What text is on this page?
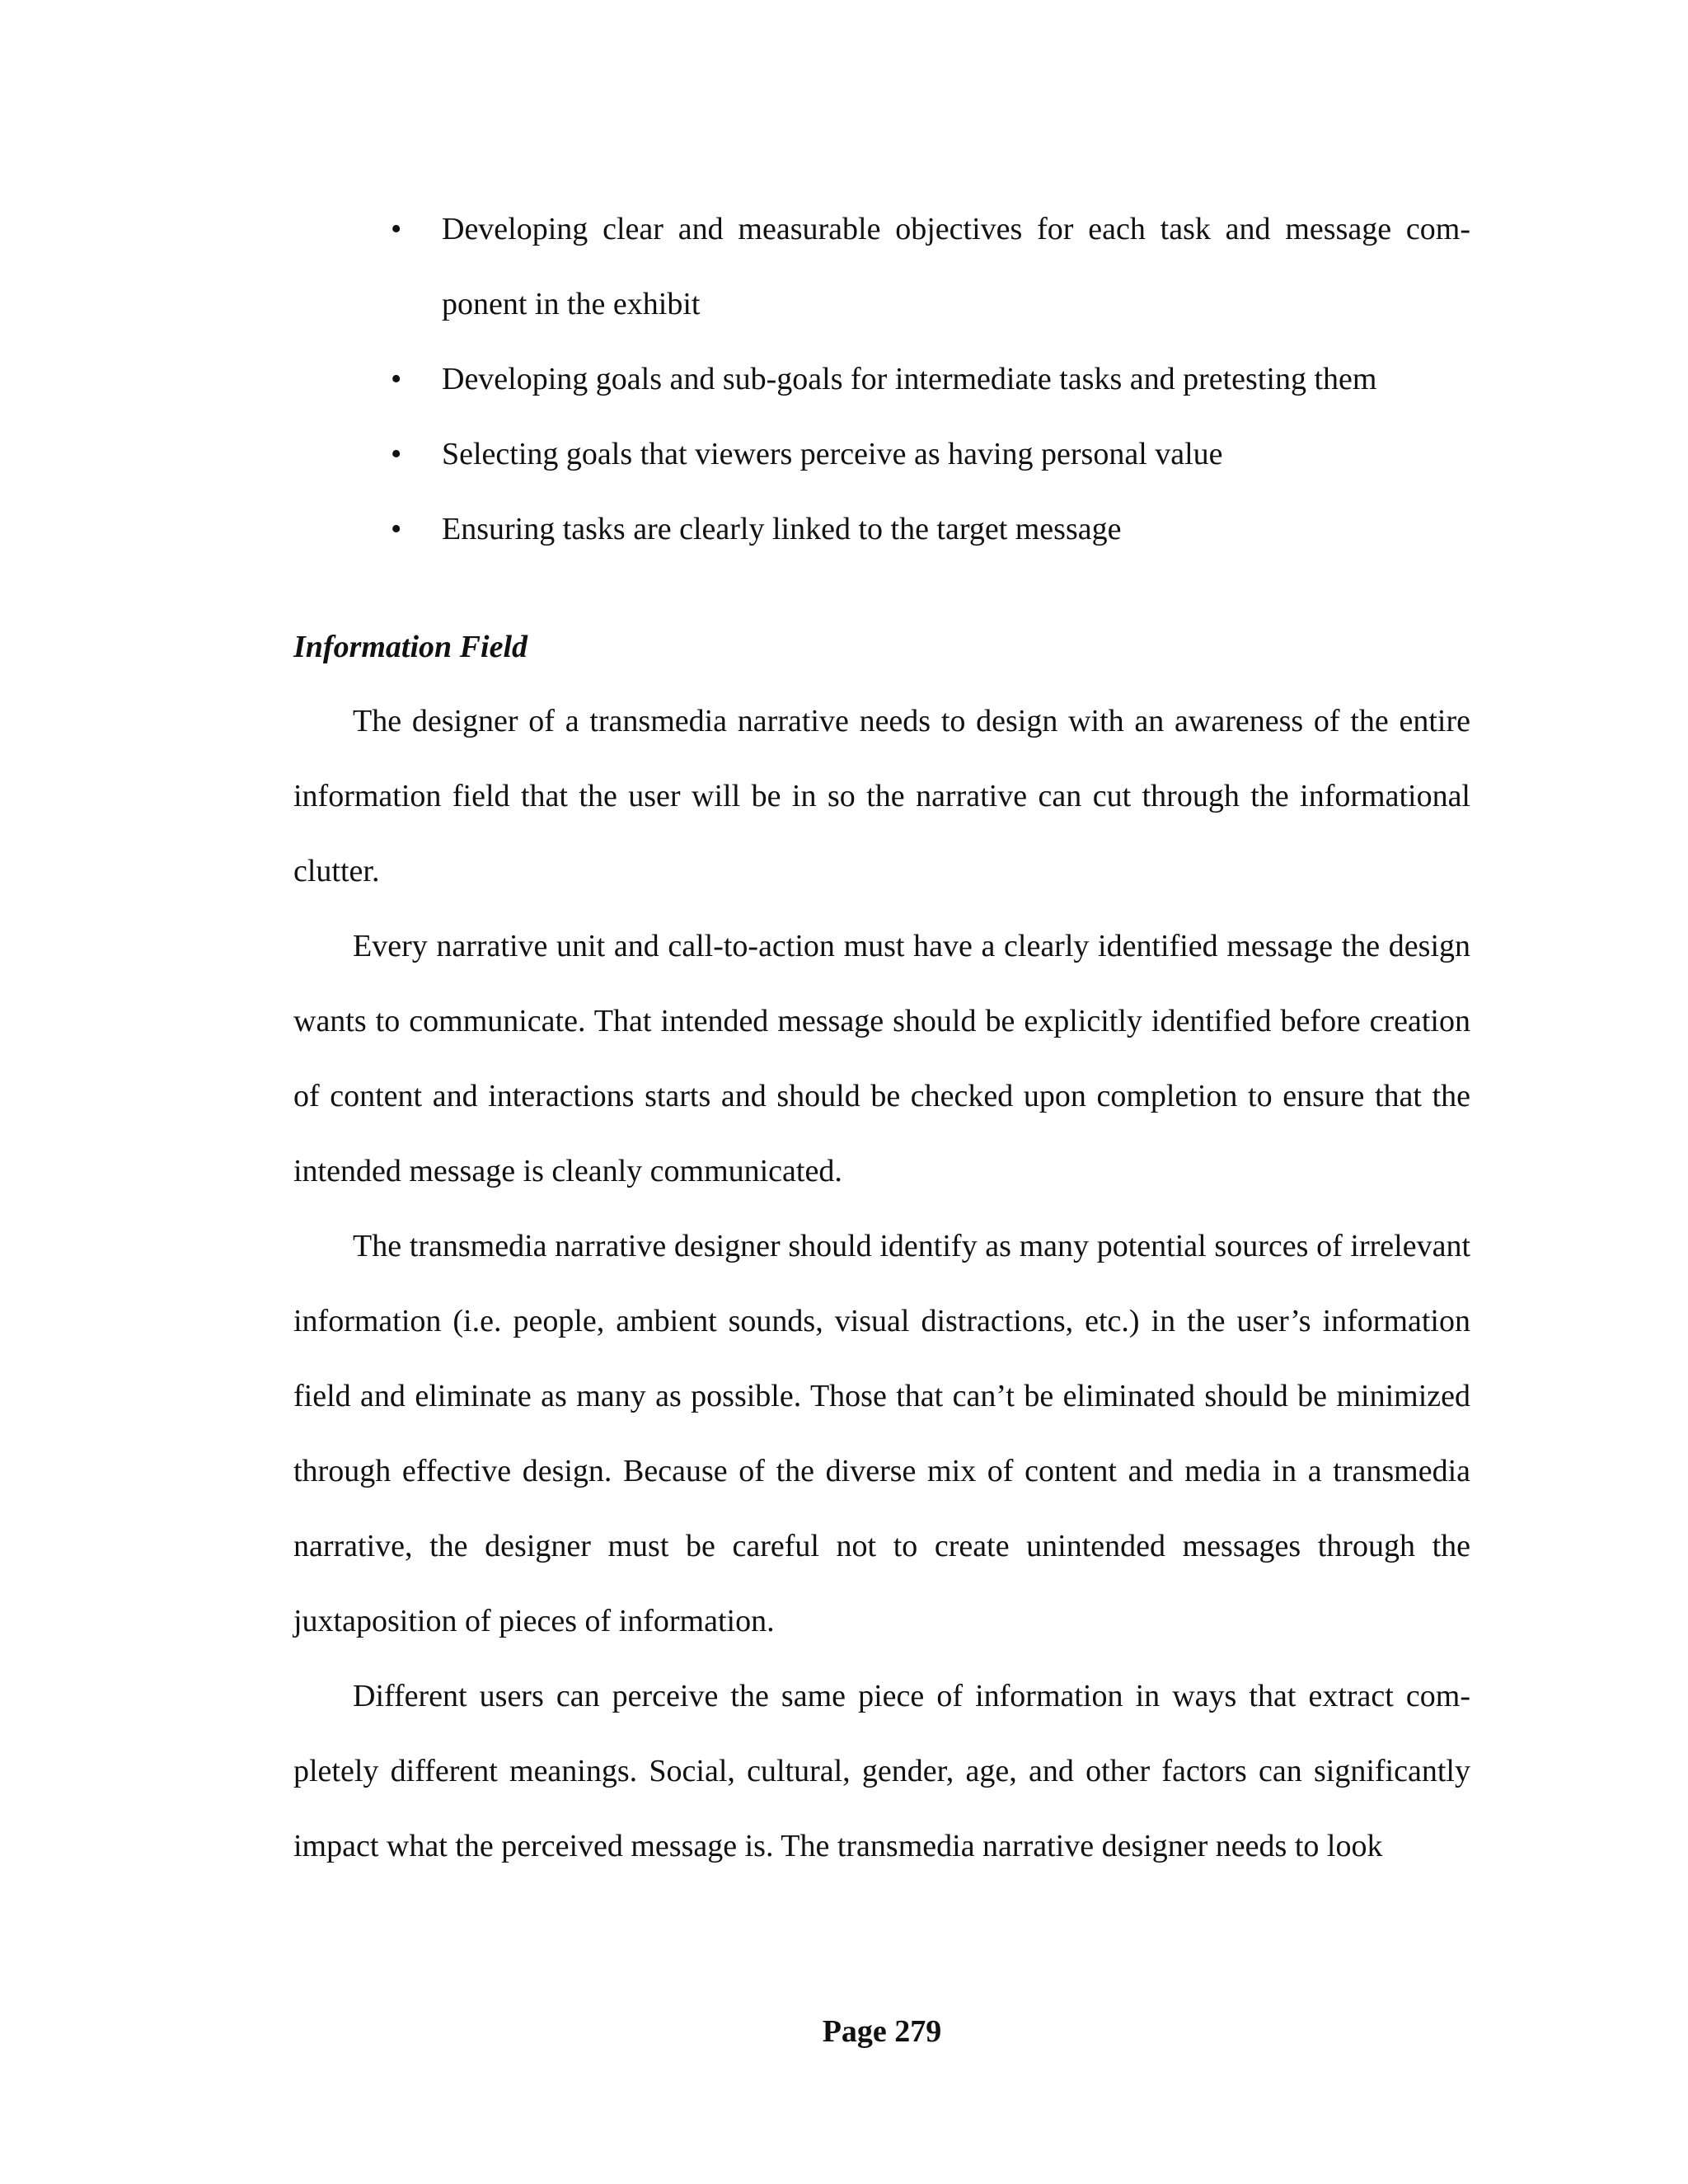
•	Developing clear and measurable objectives for each task and message component in the exhibit
•	Developing goals and sub-goals for intermediate tasks and pretesting them
•	Selecting goals that viewers perceive as having personal value
•	Ensuring tasks are clearly linked to the target message
Information Field

The designer of a transmedia narrative needs to design with an awareness of the entire information field that the user will be in so the narrative can cut through the informational clutter.

Every narrative unit and call-to-action must have a clearly identified message the design wants to communicate. That intended message should be explicitly identified before creation of content and interactions starts and should be checked upon completion to ensure that the intended message is cleanly communicated.

The transmedia narrative designer should identify as many potential sources of irrelevant information (i.e. people, ambient sounds, visual distractions, etc.) in the user’s information field and eliminate as many as possible. Those that can’t be eliminated should be minimized through effective design. Because of the diverse mix of content and media in a transmedia narrative, the designer must be careful not to create unintended messages through the juxtaposition of pieces of information.

Different users can perceive the same piece of information in ways that extract completely different meanings. Social, cultural, gender, age, and other factors can significantly impact what the perceived message is. The transmedia narrative designer needs to look

Page 279
